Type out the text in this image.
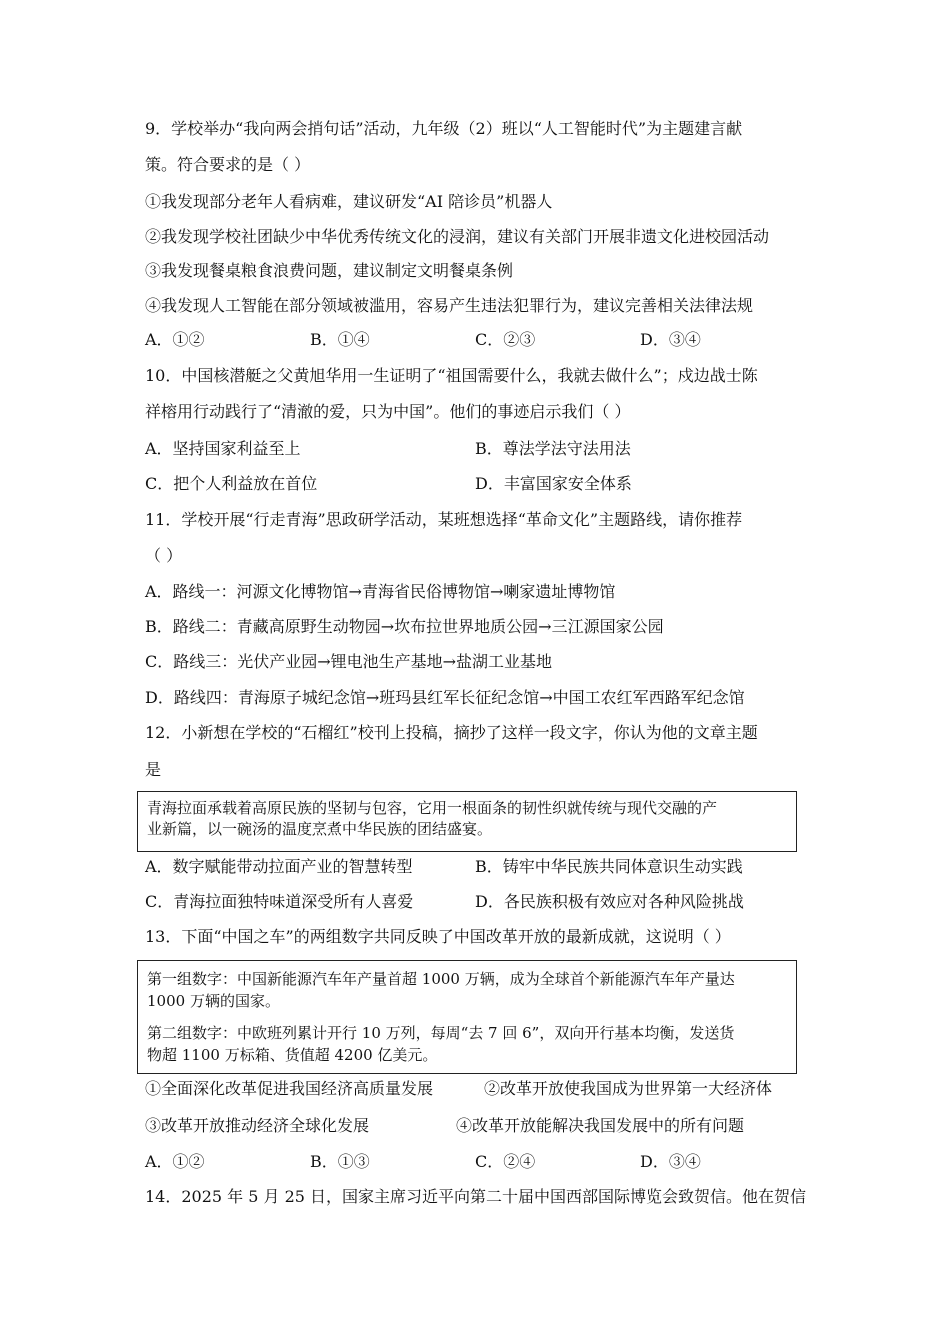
9．学校举办“我向两会捎句话”活动，九年级（2）班以“人工智能时代”为主题建言献
策。符合要求的是（ ）
①我发现部分老年人看病难，建议研发“AI 陪诊员”机器人
②我发现学校社团缺少中华优秀传统文化的浸润，建议有关部门开展非遗文化进校园活动
③我发现餐桌粮食浪费问题，建议制定文明餐桌条例
④我发现人工智能在部分领域被滥用，容易产生违法犯罪行为，建议完善相关法律法规
A．①②	B．①④	C．②③	D．③④
10．中国核潜艇之父黄旭华用一生证明了“祖国需要什么，我就去做什么”；戍边战士陈
祥榕用行动践行了“清澈的爱，只为中国”。他们的事迹启示我们（ ）
A．坚持国家利益至上	B．尊法学法守法用法
C．把个人利益放在首位	D．丰富国家安全体系
11．学校开展“行走青海”思政研学活动，某班想选择“革命文化”主题路线，请你推荐
（ ）
A．路线一：河源文化博物馆→青海省民俗博物馆→喇家遗址博物馆
B．路线二：青藏高原野生动物园→坎布拉世界地质公园→三江源国家公园
C．路线三：光伏产业园→锂电池生产基地→盐湖工业基地
D．路线四：青海原子城纪念馆→班玛县红军长征纪念馆→中国工农红军西路军纪念馆
12．小新想在学校的“石榴红”校刊上投稿，摘抄了这样一段文字，你认为他的文章主题
是
青海拉面承载着高原民族的坚韧与包容，它用一根面条的韧性织就传统与现代交融的产
业新篇，以一碗汤的温度烹煮中华民族的团结盛宴。
A．数字赋能带动拉面产业的智慧转型	B．铸牢中华民族共同体意识生动实践
C．青海拉面独特味道深受所有人喜爱	D．各民族积极有效应对各种风险挑战
13．下面“中国之车”的两组数字共同反映了中国改革开放的最新成就，这说明（ ）
第一组数字：中国新能源汽车年产量首超 1000 万辆，成为全球首个新能源汽车年产量达
1000 万辆的国家。
第二组数字：中欧班列累计开行 10 万列，每周“去 7 回 6”，双向开行基本均衡，发送货
物超 1100 万标箱、货值超 4200 亿美元。
①全面深化改革促进我国经济高质量发展	②改革开放使我国成为世界第一大经济体
③改革开放推动经济全球化发展	④改革开放能解决我国发展中的所有问题
A．①②	B．①③	C．②④	D．③④
14．2025 年 5 月 25 日，国家主席习近平向第二十届中国西部国际博览会致贺信。他在贺信
